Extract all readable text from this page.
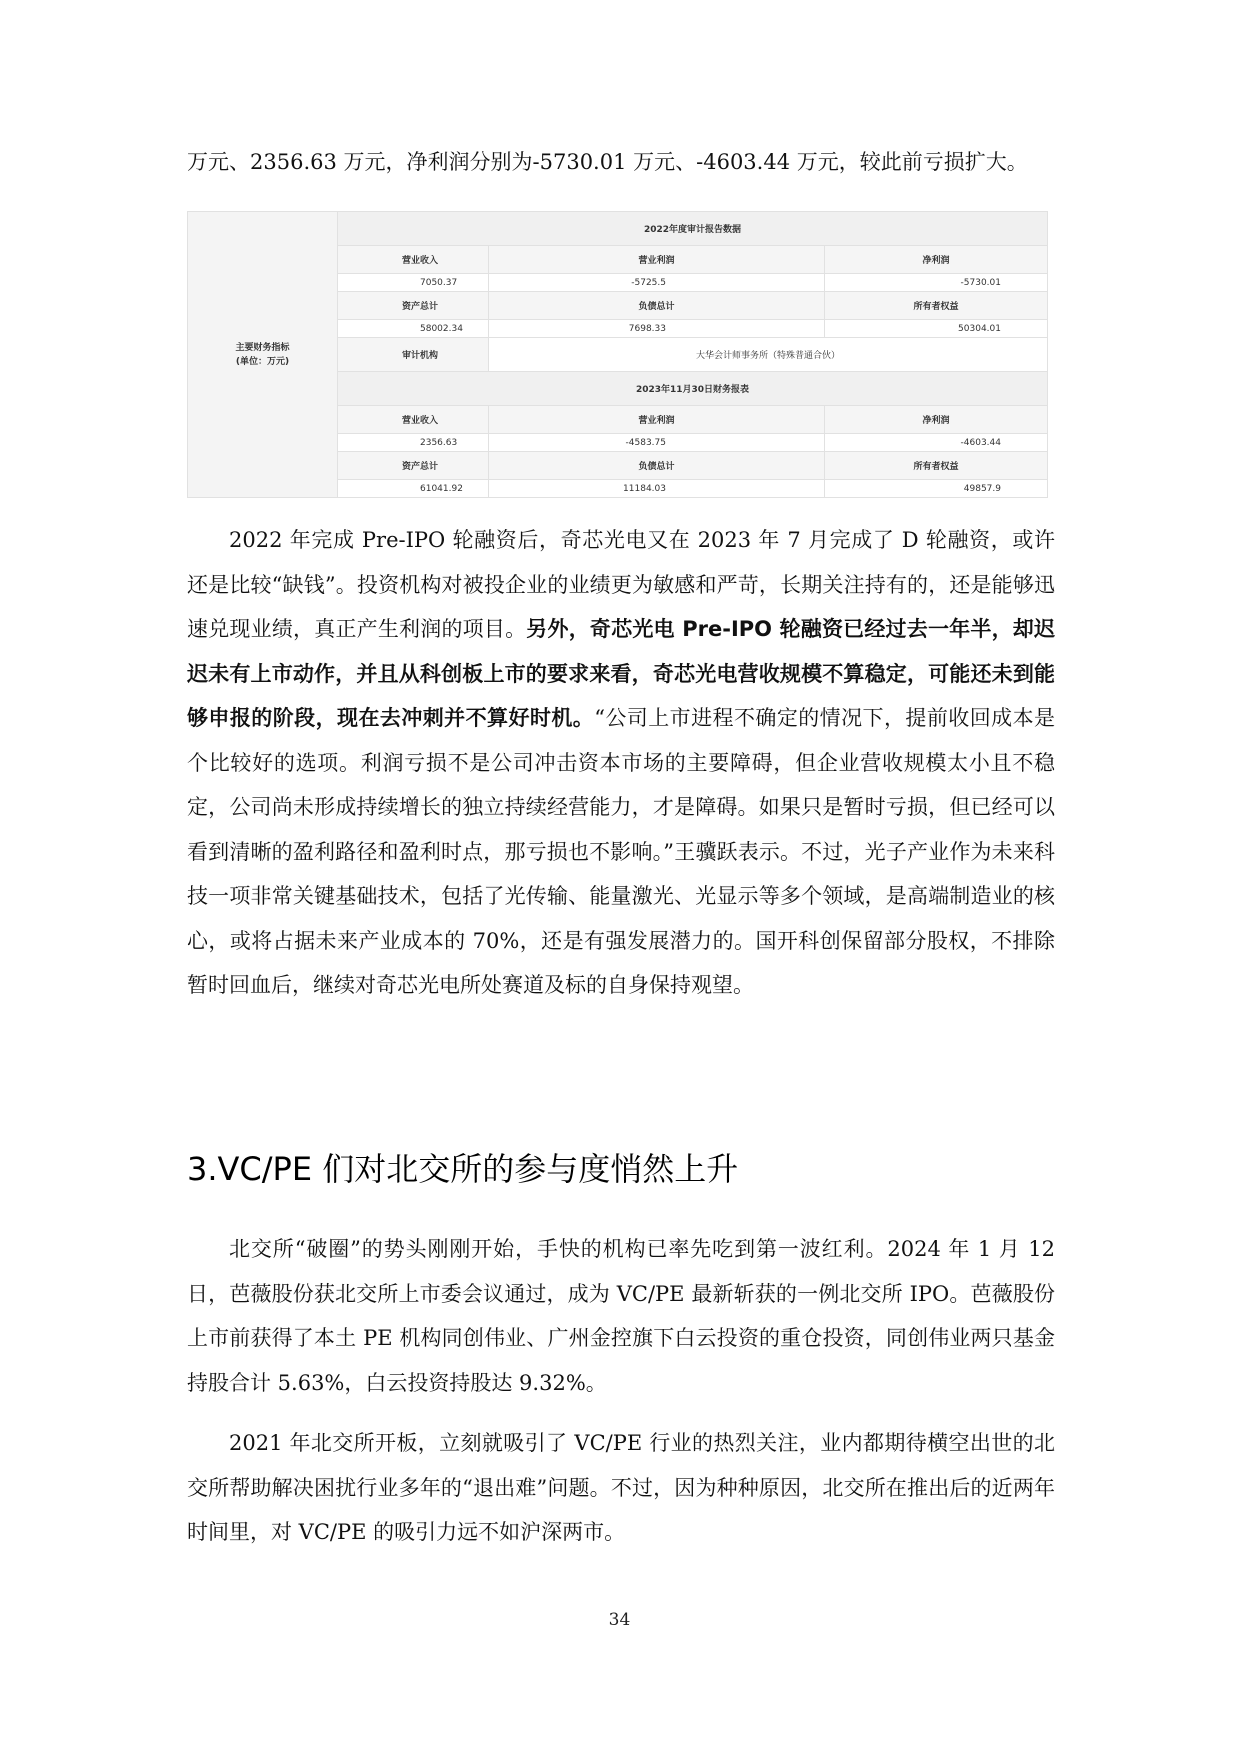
万元、2356.63 万元，净利润分别为-5730.01 万元、-4603.44 万元，较此前亏损扩大。

主要财务指标
(单位：万元)	2022年度审计报告数据		
	营业收入	营业利润	净利润
	7050.37	-5725.5	-5730.01
	资产总计	负债总计	所有者权益
	58002.34	7698.33	50304.01
	审计机构	大华会计师事务所（特殊普通合伙）	
	2023年11月30日财务报表		
	营业收入	营业利润	净利润
	2356.63	-4583.75	-4603.44
	资产总计	负债总计	所有者权益
	61041.92	11184.03	49857.9

2022 年完成 Pre-IPO 轮融资后，奇芯光电又在 2023 年 7 月完成了 D 轮融资，或许还是比较“缺钱”。投资机构对被投企业的业绩更为敏感和严苛，长期关注持有的，还是能够迅速兑现业绩，真正产生利润的项目。另外，奇芯光电 Pre-IPO 轮融资已经过去一年半，却迟迟未有上市动作，并且从科创板上市的要求来看，奇芯光电营收规模不算稳定，可能还未到能够申报的阶段，现在去冲刺并不算好时机。“公司上市进程不确定的情况下，提前收回成本是个比较好的选项。利润亏损不是公司冲击资本市场的主要障碍，但企业营收规模太小且不稳定，公司尚未形成持续增长的独立持续经营能力，才是障碍。如果只是暂时亏损，但已经可以看到清晰的盈利路径和盈利时点，那亏损也不影响。”王骥跃表示。不过，光子产业作为未来科技一项非常关键基础技术，包括了光传输、能量激光、光显示等多个领域，是高端制造业的核心，或将占据未来产业成本的 70%，还是有强发展潜力的。国开科创保留部分股权，不排除暂时回血后，继续对奇芯光电所处赛道及标的自身保持观望。

3.VC/PE 们对北交所的参与度悄然上升

北交所“破圈”的势头刚刚开始，手快的机构已率先吃到第一波红利。2024 年 1 月 12 日，芭薇股份获北交所上市委会议通过，成为 VC/PE 最新斩获的一例北交所 IPO。芭薇股份上市前获得了本土 PE 机构同创伟业、广州金控旗下白云投资的重仓投资，同创伟业两只基金持股合计 5.63%，白云投资持股达 9.32%。

2021 年北交所开板，立刻就吸引了 VC/PE 行业的热烈关注，业内都期待横空出世的北交所帮助解决困扰行业多年的“退出难”问题。不过，因为种种原因，北交所在推出后的近两年时间里，对 VC/PE 的吸引力远不如沪深两市。

34
